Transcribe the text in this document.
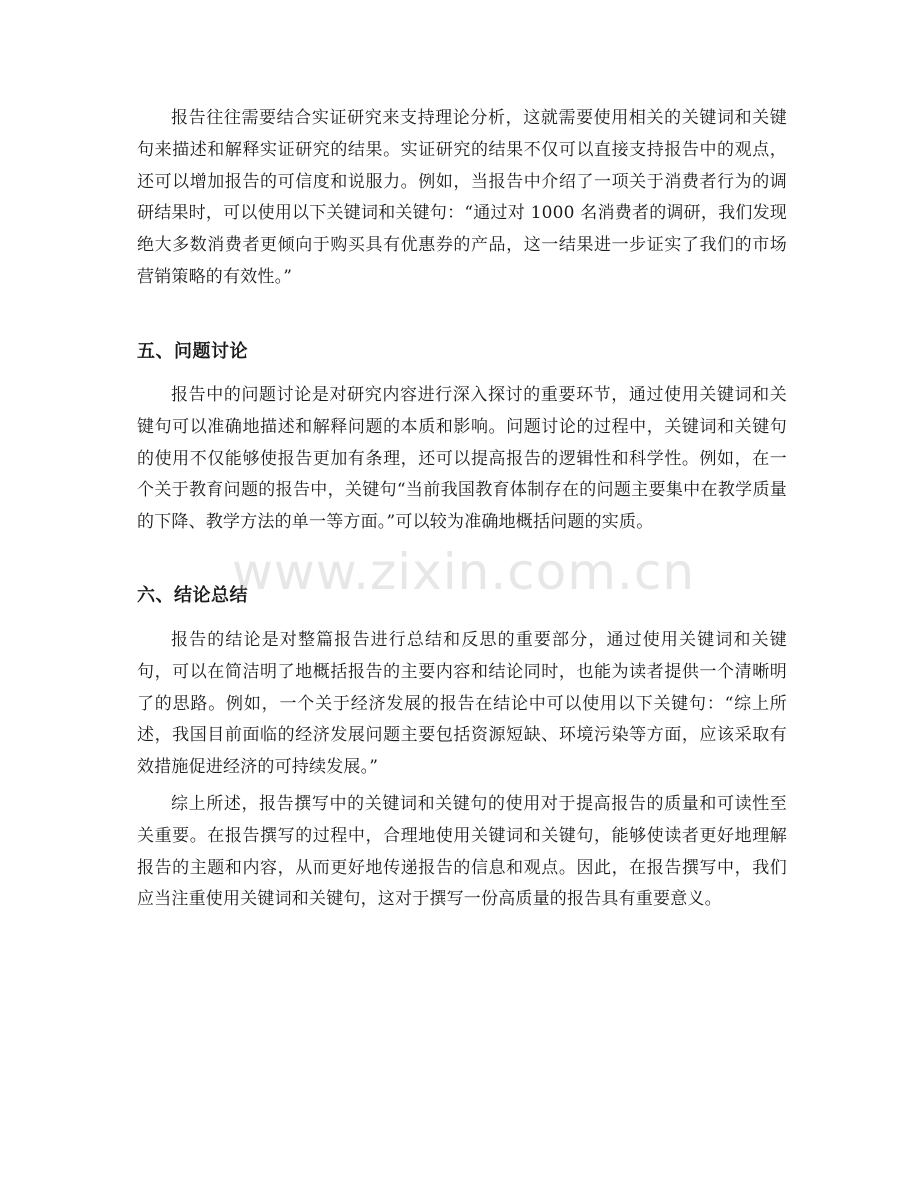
报告往往需要结合实证研究来支持理论分析，这就需要使用相关的关键词和关键句来描述和解释实证研究的结果。实证研究的结果不仅可以直接支持报告中的观点，还可以增加报告的可信度和说服力。例如，当报告中介绍了一项关于消费者行为的调研结果时，可以使用以下关键词和关键句：“通过对 1000 名消费者的调研，我们发现绝大多数消费者更倾向于购买具有优惠券的产品，这一结果进一步证实了我们的市场营销策略的有效性。”

五、问题讨论

报告中的问题讨论是对研究内容进行深入探讨的重要环节，通过使用关键词和关键句可以准确地描述和解释问题的本质和影响。问题讨论的过程中，关键词和关键句的使用不仅能够使报告更加有条理，还可以提高报告的逻辑性和科学性。例如，在一个关于教育问题的报告中，关键句“当前我国教育体制存在的问题主要集中在教学质量的下降、教学方法的单一等方面。”可以较为准确地概括问题的实质。

六、结论总结

报告的结论是对整篇报告进行总结和反思的重要部分，通过使用关键词和关键句，可以在简洁明了地概括报告的主要内容和结论同时，也能为读者提供一个清晰明了的思路。例如，一个关于经济发展的报告在结论中可以使用以下关键句：“综上所述，我国目前面临的经济发展问题主要包括资源短缺、环境污染等方面，应该采取有效措施促进经济的可持续发展。”

综上所述，报告撰写中的关键词和关键句的使用对于提高报告的质量和可读性至关重要。在报告撰写的过程中，合理地使用关键词和关键句，能够使读者更好地理解报告的主题和内容，从而更好地传递报告的信息和观点。因此，在报告撰写中，我们应当注重使用关键词和关键句，这对于撰写一份高质量的报告具有重要意义。

www.zixin.com.cn
